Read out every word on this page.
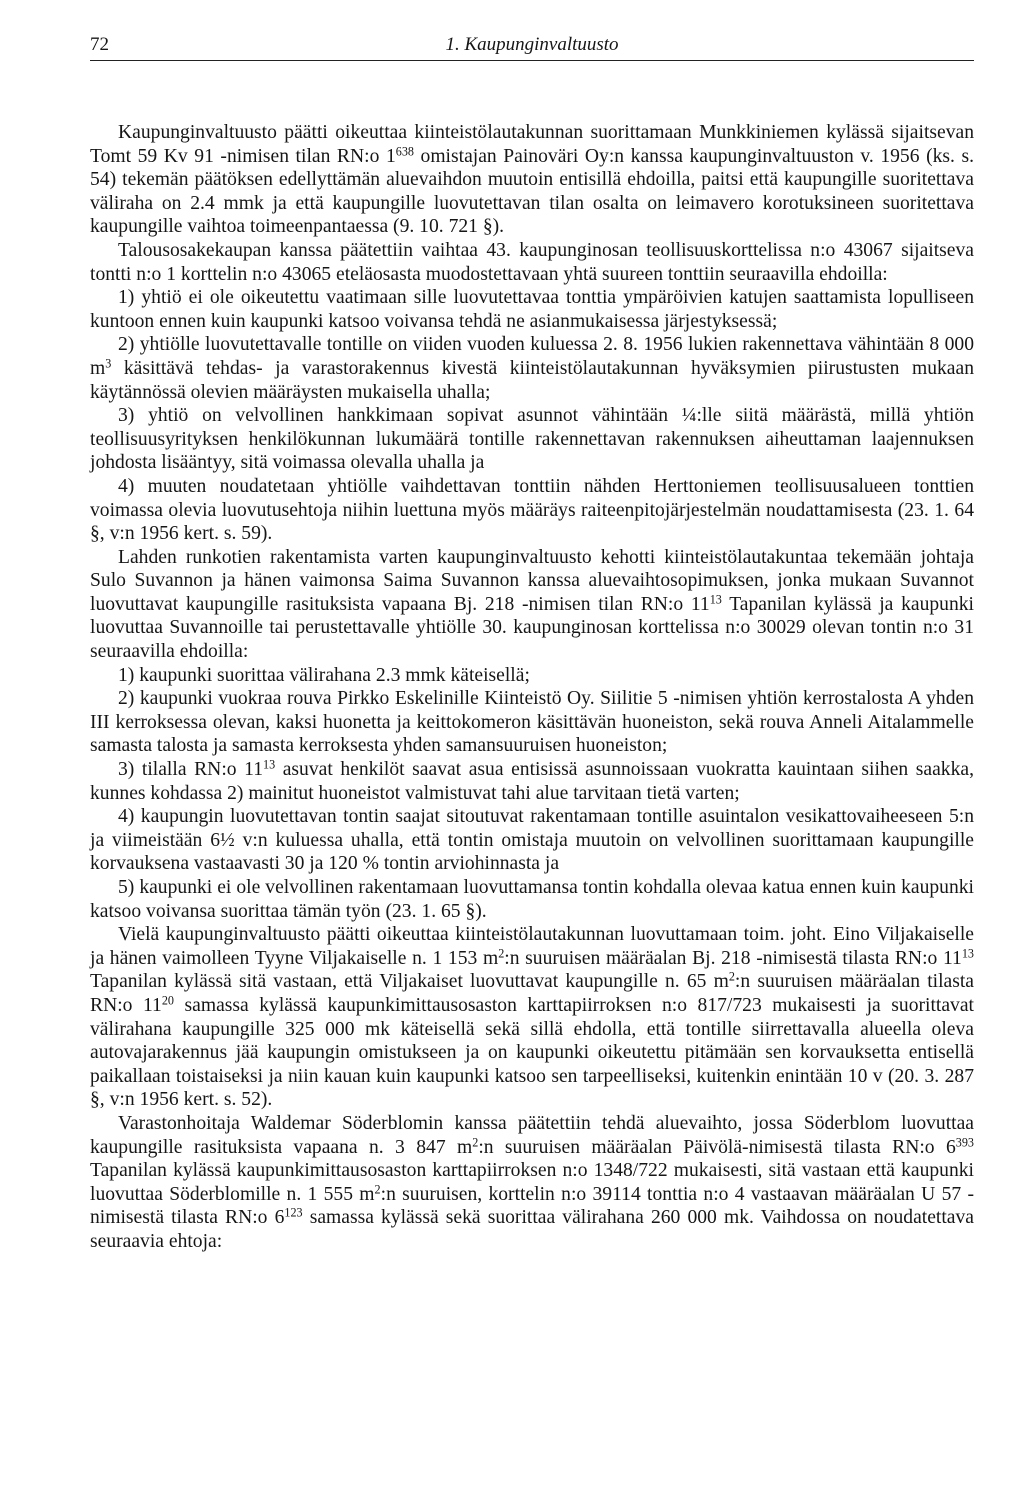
72	1. Kaupunginvaltuusto

Kaupunginvaltuusto päätti oikeuttaa kiinteistölautakunnan suorittamaan Munkkiniemen kylässä sijaitsevan Tomt 59 Kv 91 -nimisen tilan RN:o $1^{638}$ omistajan Painoväri Oy:n kanssa kaupunginvaltuuston v. 1956 (ks. s. 54) tekemän päätöksen edellyttämän aluevaihdon muutoin entisillä ehdoilla, paitsi että kaupungille suoritettava väliraha on 2.4 mmk ja että kaupungille luovutettavan tilan osalta on leimavero korotuksineen suoritettava kaupungille vaihtoa toimeenpantaessa (9. 10. 721 §).

Talousosakekaupan kanssa päätettiin vaihtaa 43. kaupunginosan teollisuuskorttelissa n:o 43067 sijaitseva tontti n:o 1 korttelin n:o 43065 eteläosasta muodostettavaan yhtä suureen tonttiin seuraavilla ehdoilla:

1) yhtiö ei ole oikeutettu vaatimaan sille luovutettavaa tonttia ympäröivien katujen saattamista lopulliseen kuntoon ennen kuin kaupunki katsoo voivansa tehdä ne asianmukaisessa järjestyksessä;

2) yhtiölle luovutettavalle tontille on viiden vuoden kuluessa 2. 8. 1956 lukien rakennettava vähintään 8 000 $m^3$ käsittävä tehdas- ja varastorakennus kivestä kiinteistölautakunnan hyväksymien piirustusten mukaan käytännössä olevien määräysten mukaisella uhalla;

3) yhtiö on velvollinen hankkimaan sopivat asunnot vähintään ¼:lle siitä määrästä, millä yhtiön teollisuusyrityksen henkilökunnan lukumäärä tontille rakennettavan rakennuksen aiheuttaman laajennuksen johdosta lisääntyy, sitä voimassa olevalla uhalla ja

4) muuten noudatetaan yhtiölle vaihdettavan tonttiin nähden Herttoniemen teollisuusalueen tonttien voimassa olevia luovutusehtoja niihin luettuna myös määräys raiteenpitojärjestelmän noudattamisesta (23. 1. 64 §, v:n 1956 kert. s. 59).

Lahden runkotien rakentamista varten kaupunginvaltuusto kehotti kiinteistölautakuntaa tekemään johtaja Sulo Suvannon ja hänen vaimonsa Saima Suvannon kanssa aluevaihtosopimuksen, jonka mukaan Suvannot luovuttavat kaupungille rasituksista vapaana Bj. 218 -nimisen tilan RN:o $11^{13}$ Tapanilan kylässä ja kaupunki luovuttaa Suvannoille tai perustettavalle yhtiölle 30. kaupunginosan korttelissa n:o 30029 olevan tontin n:o 31 seuraavilla ehdoilla:

1) kaupunki suorittaa välirahana 2.3 mmk käteisellä;

2) kaupunki vuokraa rouva Pirkko Eskelinille Kiinteistö Oy. Siilitie 5 -nimisen yhtiön kerrostalosta A yhden III kerroksessa olevan, kaksi huonetta ja keittokomeron käsittävän huoneiston, sekä rouva Anneli Aitalammelle samasta talosta ja samasta kerroksesta yhden samansuuruisen huoneiston;

3) tilalla RN:o $11^{13}$ asuvat henkilöt saavat asua entisissä asunnoissaan vuokratta kauintaan siihen saakka, kunnes kohdassa 2) mainitut huoneistot valmistuvat tahi alue tarvitaan tietä varten;

4) kaupungin luovutettavan tontin saajat sitoutuvat rakentamaan tontille asuintalon vesikattovaiheeseen 5:n ja viimeistään 6½ v:n kuluessa uhalla, että tontin omistaja muutoin on velvollinen suorittamaan kaupungille korvauksena vastaavasti 30 ja 120 % tontin arviohinnasta ja

5) kaupunki ei ole velvollinen rakentamaan luovuttamansa tontin kohdalla olevaa katua ennen kuin kaupunki katsoo voivansa suorittaa tämän työn (23. 1. 65 §).

Vielä kaupunginvaltuusto päätti oikeuttaa kiinteistölautakunnan luovuttamaan toim. joht. Eino Viljakaiselle ja hänen vaimolleen Tyyne Viljakaiselle n. 1 153 $m^2:n$ suuruisen määräalan Bj. 218 -nimisestä tilasta RN:o $11^{13}$ Tapanilan kylässä sitä vastaan, että Viljakaiset luovuttavat kaupungille n. 65 $m^2:n$ suuruisen määräalan tilasta RN:o $11^{20}$ samassa kylässä kaupunkimittausosaston karttapiirroksen n:o 817/723 mukaisesti ja suorittavat välirahana kaupungille 325 000 mk käteisellä sekä sillä ehdolla, että tontille siirrettavalla alueella oleva autovajarakennus jää kaupungin omistukseen ja on kaupunki oikeutettu pitämään sen korvauksetta entisellä paikallaan toistaiseksi ja niin kauan kuin kaupunki katsoo sen tarpeelliseksi, kuitenkin enintään 10 v (20. 3. 287 §, v:n 1956 kert. s. 52).

Varastonhoitaja Waldemar Söderblomin kanssa päätettiin tehdä aluevaihto, jossa Söderblom luovuttaa kaupungille rasituksista vapaana n. 3 847 $m^2:n$ suuruisen määräalan Päivölä-nimisestä tilasta RN:o $6^{393}$ Tapanilan kylässä kaupunkimittausosaston karttapiirroksen n:o 1348/722 mukaisesti, sitä vastaan että kaupunki luovuttaa Söderblomille n. 1 555 $m^2:n$ suuruisen, korttelin n:o 39114 tonttia n:o 4 vastaavan määräalan U 57 -nimisestä tilasta RN:o $6^{123}$ samassa kylässä sekä suorittaa välirahana 260 000 mk. Vaihdossa on noudatettava seuraavia ehtoja:
